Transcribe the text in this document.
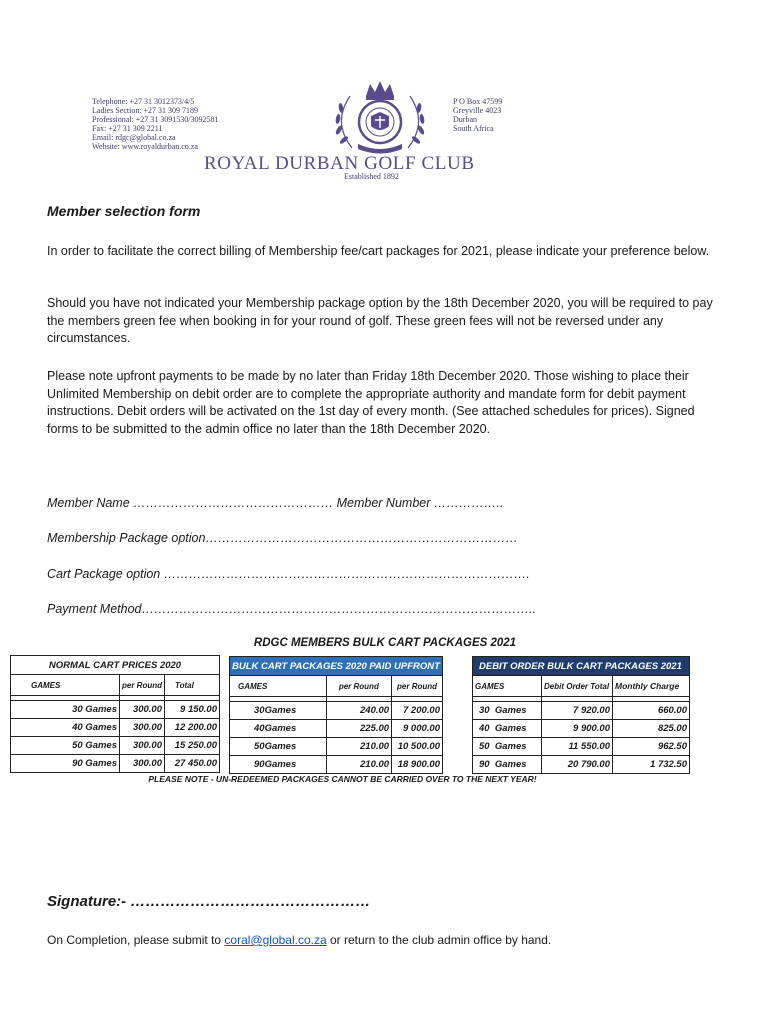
Telephone: +27 31 3012373/4/5
Ladies Section: +27 31 309 7189
Professional: +27 31 3091530/3092581
Fax: +27 31 309 2211
Email: rdgc@global.co.za
Website: www.royaldurban.co.za
P O Box 47599
Greyville 4023
Durban
South Africa
ROYAL DURBAN GOLF CLUB
Established 1892
Member selection form
In order to facilitate the correct billing of Membership fee/cart packages for 2021, please indicate your preference below.
Should you have not indicated your Membership package option by the 18th December 2020, you will be required to pay the members green fee when booking in for your round of golf. These green fees will not be reversed under any circumstances.
Please note upfront payments to be made by no later than Friday 18th December 2020. Those wishing to place their Unlimited Membership on debit order are to complete the appropriate authority and mandate form for debit payment instructions. Debit orders will be activated on the 1st day of every month. (See attached schedules for prices). Signed forms to be submitted to the admin office no later than the 18th December 2020.
Member Name ………………………………………… Member Number ……………..
Membership Package option…………………………………………………………………
Cart Package option …………………………………………………………………………….
Payment Method…………………………………………………………………………………..
RDGC MEMBERS BULK CART PACKAGES 2021
NORMAL CART PRICES 2020		
GAMES	per Round	Total

30 Games	300.00	9 150.00
40 Games	300.00	12 200.00
50 Games	300.00	15 250.00
90 Games	300.00	27 450.00
BULK CART PACKAGES 2020 PAID UPFRONT		
GAMES	per Round	per Round

30Games	240.00	7 200.00
40Games	225.00	9 000.00
50Games	210.00	10 500.00
90Games	210.00	18 900.00
DEBIT ORDER BULK CART PACKAGES 2021		
GAMES	Debit Order Total	Monthly Charge

30  Games	7 920.00	660.00
40  Games	9 900.00	825.00
50  Games	11 550.00	962.50
90  Games	20 790.00	1 732.50
PLEASE NOTE - UN-REDEEMED PACKAGES CANNOT BE CARRIED OVER TO THE NEXT YEAR!
Signature:- …………………………………………
On Completion, please submit to coral@global.co.za or return to the club admin office by hand.
